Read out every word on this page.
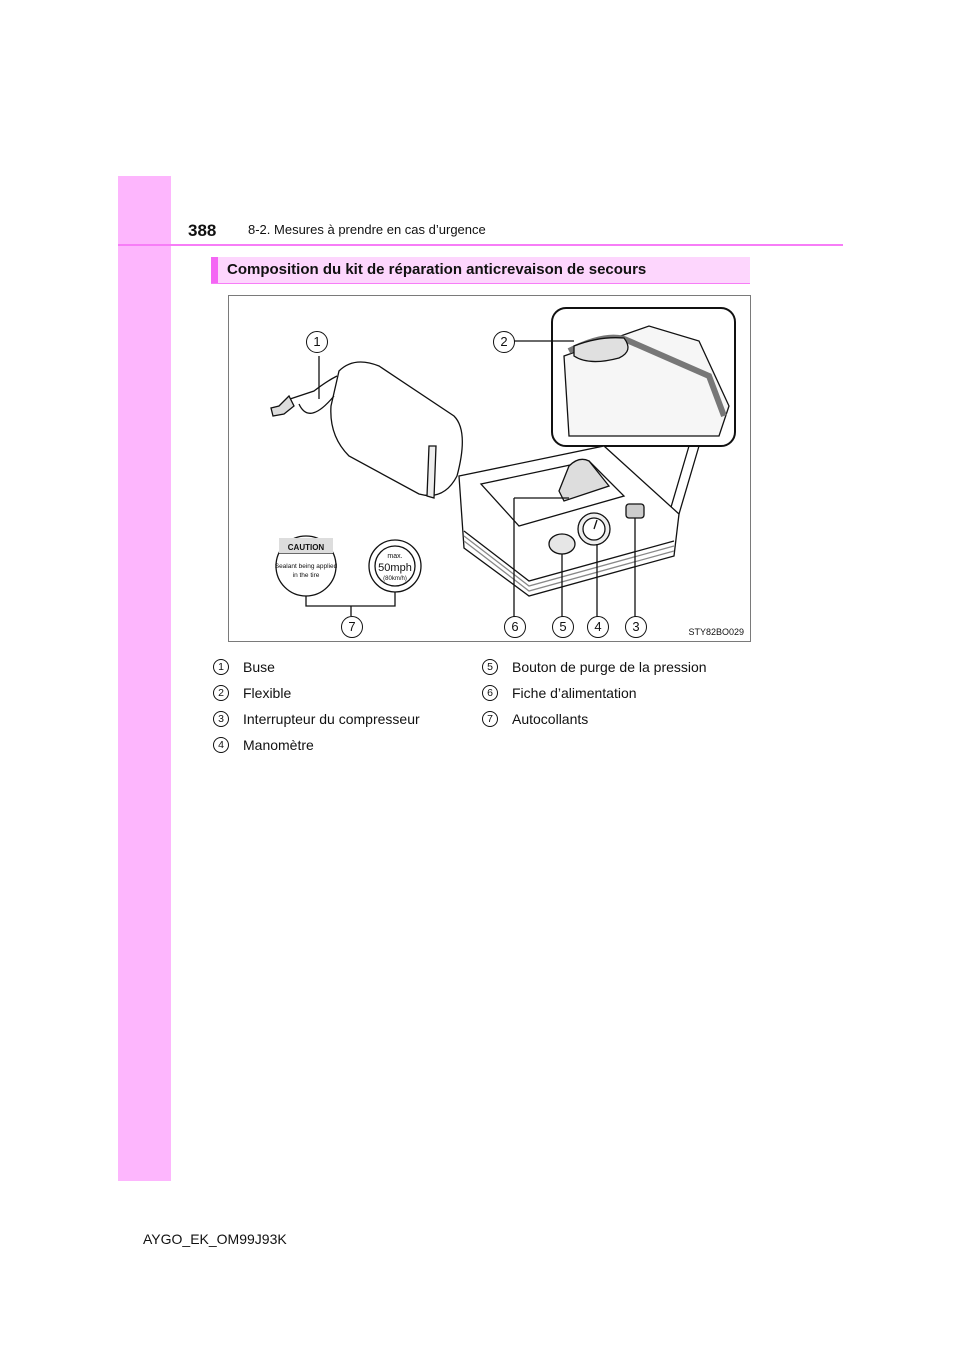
388 8-2. Mesures à prendre en cas d’urgence
Composition du kit de réparation anticrevaison de secours
CAUTION
Sealant being applied
in the tire
max.
50mph
(80km/h)
1	2
3
4
5
6
7	STY82BO029
1	Buse
2	Flexible
3	Interrupteur du compresseur
4	Manomètre
5	Bouton de purge de la pression
6	Fiche d’alimentation
7	Autocollants
AYGO_EK_OM99J93K
